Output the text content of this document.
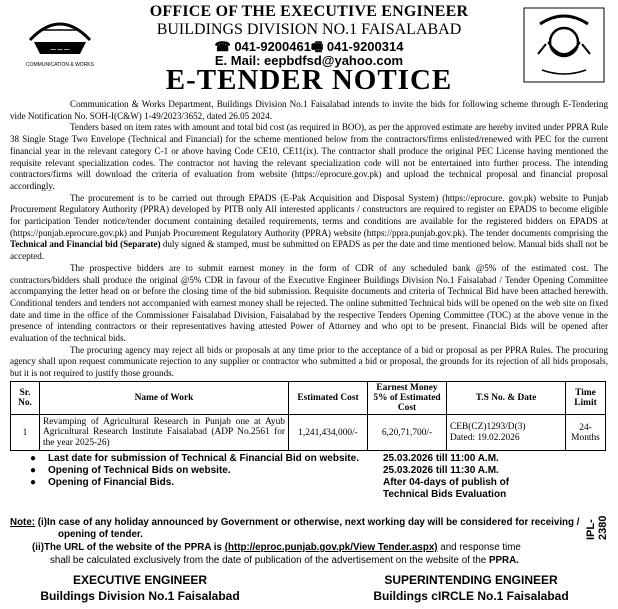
~~~
COMMUNICATION & WORKS
OFFICE OF THE EXECUTIVE ENGINEER
BUILDINGS DIVISION NO.1 FAISALABAD
☎ 041-9200461🖷 041-9200314
E. Mail: eepbdfsd@yahoo.com
E-TENDER NOTICE

Communication & Works Department, Buildings Division No.1 Faisalabad intends to invite the bids for following scheme through E-Tendering vide Notification No. SOH-I(C&W) 1-49/2023/3652, dated 26.05 2024.

Tenders based on item rates with amount and total bid cost (as required in BOO), as per the approved estimate are hereby invited under PPRA Rule 38 Single Stage Two Envelope (Technical and Financial) for the scheme mentioned below from the contractors/firms enlisted/renewed with PEC for the current financial year in the relevant category C-1 or above having Code CE10, CE11(ix). The contractor shall produce the original PEC License having mentioned the requisite relevant specialization codes. The contractor not having the relevant specialization code will not be entertained into further process. The intending contractors/firms will download the criteria of evaluation from website (https://eprocure.gov.pk) and upload the technical proposal and financial proposal accordingly.

The procurement is to be carried out through EPADS (E-Pak Acquisition and Disposal System) (https://eprocure. gov.pk) website to Punjab Procurement Regulatory Authority (PPRA) developed by PITB only All interested applicants / constructors are required to register on EPADS to become eligible for participation Tender notice/tender document containing detailed requirements, terms and conditions are available for the registered bidders on EPADS at (https://punjab.eprocure.gov.pk) and Punjab Procurement Regulatory Authority (PPRA) website (https://ppra.punjab.gov.pk). The tender documents comprising the Technical and Financial bid (Separate) duly signed & stamped, must be submitted on EPADS as per the date and time mentioned below. Manual bids shall not be accepted.

The prospective bidders are to submit earnest money in the form of CDR of any scheduled bank @5% of the estimated cost. The contractors/bidders shall produce the original @5% CDR in favour of the Executive Engineer Buildings Division No.1 Faisalabad / Tender Opening Committee accompanying the letter head on or before the closing time of the bid submission. Requisite documents and criteria of Technical Bid have been attached herewith. Conditional tenders and tenders not accompanied with earnest money shall be rejected. The online submitted Technical bids will be opened on the web site on fixed date and time in the office of the Commissioner Faisalabad Division, Faisalabad by the respective Tenders Opening Committee (TOC) at the above venue in the presence of intending contractors or their representatives having attested Power of Attorney and who opt to be present. Financial Bids will be opened after evaluation of the technical bids.

The procuring agency may reject all bids or proposals at any time prior to the acceptance of a bid or proposal as per PPRA Rules. The procuring agency shall upon request communicate rejection to any supplier or contractor who submitted a bid or proposal, the grounds for its rejection of all bids proposals, but it is not required to justify those grounds.

Sr. No.	Name of Work	Estimated Cost	Earnest Money 5% of Estimated Cost	T.S No. & Date	Time Limit
1	Revamping of Agricultural Research in Punjab one at Ayub Agricultural Research Institute Faisalabad (ADP No.2561 for the year 2025-26)	1,241,434,000/-	6,20,71,700/-	CEB(CZ)1293/D(3)
Dated: 19.02.2026	24-Months
● Last date for submission of Technical & Financial Bid on website. 25.03.2026 till 11:00 A.M.
● Opening of Technical Bids on website.	25.03.2026 till 11:30 A.M.
● Opening of Financial Bids.	After 04-days of publish of
Technical Bids Evaluation
Note: (i)In case of any holiday announced by Government or otherwise, next working day will be considered for receiving /
opening of tender.
(ii)The URL of the website of the PPRA is (http://eproc.punjab.gov.pk/View Tender.aspx) and response time
shall be calculated exclusively from the date of publication of the advertisement on the website of the PPRA.
EXECUTIVE ENGINEER
Buildings Division No.1 Faisalabad
SUPERINTENDING ENGINEER
Buildings cIRCLE No.1 Faisalabad
IPL-2380
